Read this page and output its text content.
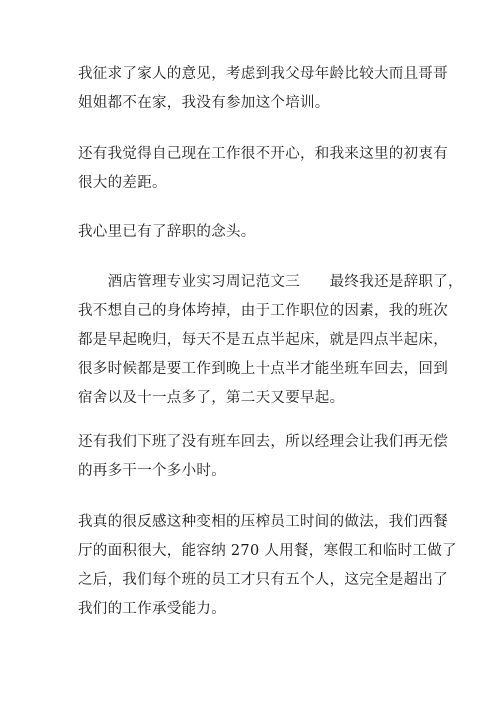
我征求了家人的意见，考虑到我父母年龄比较大而且哥哥
姐姐都不在家，我没有参加这个培训。

还有我觉得自己现在工作很不开心，和我来这里的初衷有
很大的差距。

我心里已有了辞职的念头。

　　酒店管理专业实习周记范文三　　最终我还是辞职了，
我不想自己的身体垮掉，由于工作职位的因素，我的班次
都是早起晚归，每天不是五点半起床，就是四点半起床，
很多时候都是要工作到晚上十点半才能坐班车回去，回到
宿舍以及十一点多了，第二天又要早起。

还有我们下班了没有班车回去，所以经理会让我们再无偿
的再多干一个多小时。

我真的很反感这种变相的压榨员工时间的做法，我们西餐
厅的面积很大，能容纳 270 人用餐，寒假工和临时工做了
之后，我们每个班的员工才只有五个人，这完全是超出了
我们的工作承受能力。
